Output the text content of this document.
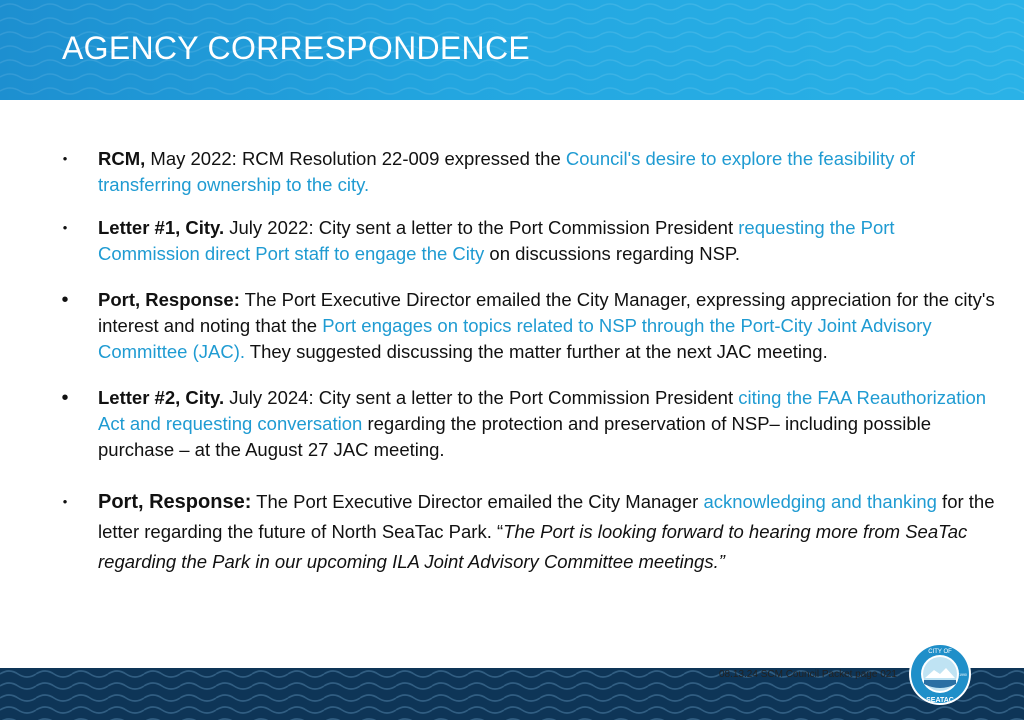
AGENCY CORRESPONDENCE
• RCM, May 2022: RCM Resolution 22-009 expressed the Council's desire to explore the feasibility of transferring ownership to the city.
• Letter #1, City. July 2022: City sent a letter to the Port Commission President requesting the Port Commission direct Port staff to engage the City on discussions regarding NSP.
• Port, Response: The Port Executive Director emailed the City Manager, expressing appreciation for the city's interest and noting that the Port engages on topics related to NSP through the Port-City Joint Advisory Committee (JAC). They suggested discussing the matter further at the next JAC meeting.
• Letter #2, City. July 2024: City sent a letter to the Port Commission President citing the FAA Reauthorization Act and requesting conversation regarding the protection and preservation of NSP– including possible purchase – at the August 27 JAC meeting.
• Port, Response: The Port Executive Director emailed the City Manager acknowledging and thanking for the letter regarding the future of North SeaTac Park. “The Port is looking forward to hearing more from SeaTac regarding the Park in our upcoming ILA Joint Advisory Committee meetings.”
08.13.24 SCM Council Packet page 021
CITY OF
SEATAC
1990
